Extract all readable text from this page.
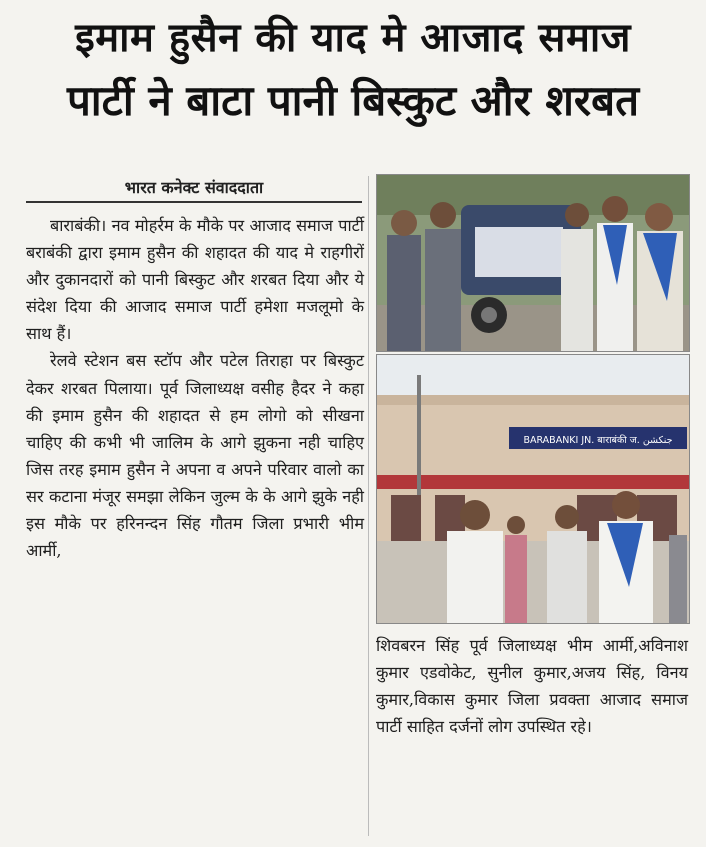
इमाम हुसैन की याद मे आजाद समाज
पार्टी ने बाटा पानी बिस्कुट और शरबत
भारत कनेक्ट संवाददाता

बाराबंकी। नव मोहर्रम के मौके पर आजाद समाज पार्टी बराबंकी द्वारा इमाम हुसैन की शहादत की याद मे राहगीरों और दुकानदारों को पानी बिस्कुट और शरबत दिया और ये संदेश दिया की आजाद समाज पार्टी हमेशा मजलूमो के साथ हैं।

रेलवे स्टेशन बस स्टॉप और पटेल तिराहा पर बिस्कुट देकर शरबत पिलाया। पूर्व जिलाध्यक्ष वसीह हैदर ने कहा की इमाम हुसैन की शहादत से हम लोगो को सीखना चाहिए की कभी भी जालिम के आगे झुकना नही चाहिए जिस तरह इमाम हुसैन ने अपना व अपने परिवार वालो का सर कटाना मंजूर समझा लेकिन जुल्म के के आगे झुके नही इस मौके पर हरिनन्दन सिंह गौतम जिला प्रभारी भीम आर्मी,

BARABANKI JN. बाराबंकी ज. جنکشن

शिवबरन सिंह पूर्व जिलाध्यक्ष भीम आर्मी,अविनाश कुमार एडवोकेट, सुनील कुमार,अजय सिंह, विनय कुमार,विकास कुमार जिला प्रवक्ता आजाद समाज पार्टी साहित दर्जनों लोग उपस्थित रहे।
